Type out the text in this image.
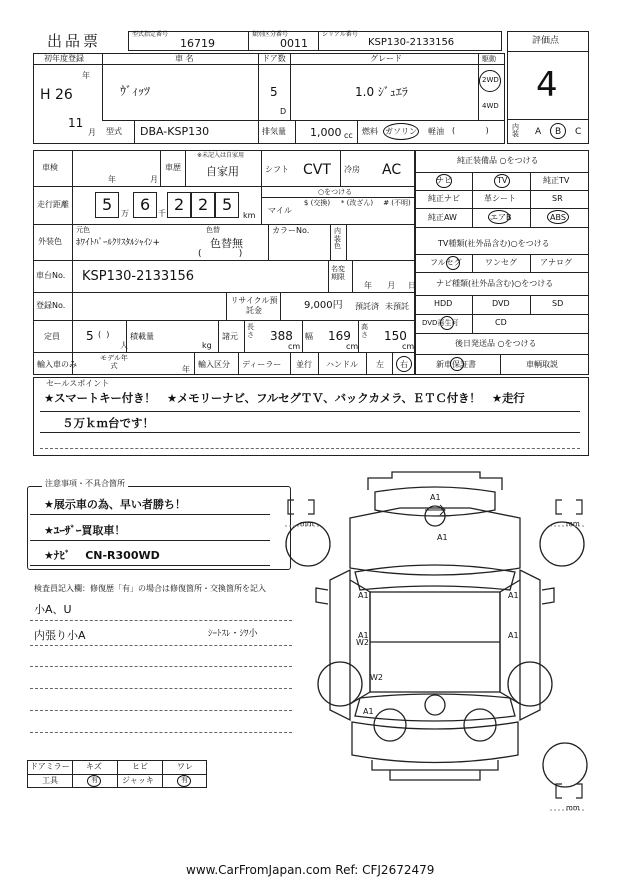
出品票	型式指定番号
16719
類別区分番号
0011
シリアル番号
KSP130-2133156	評価点
4
内装	A B C
初年度登録
年
H 26
11
月
車 名
ｳﾞｨｯﾂ
ドア数
5
D
グレード
1.0 ｼﾞｭｴﾗ
駆動
2WD
4WD
型式 DBA-KSP130	排気量 1,000 cc 燃料 ガソリン 軽油 (            )
車検
年	月
車歴
※未記入は自家用
自家用	シフト CVT 冷房 AC
走行距離 5 万 6 千 2 2 5
km
○をつける
マイル
$ (交換) * (改ざん) # (不明)
外装色
元色
ﾎﾜｲﾄﾊﾟｰﾙｸﾘｽﾀﾙｼｬｲﾝ+
色替
色替無
(             )
カラーNo.	内装色
車台No. KSP130-2133156	名変期限
年      月     日
登録No.
リサイクル預託金	9,000円 預託済 未預託
定員 5 (  )
人
積載量
kg
諸元
長さ 388
cm
幅 169
cm
高さ 150
cm
輸入車のみ
モデル年式	年
輸入区分 ディーラー 並行 ハンドル 左 右
純正装備品 ○をつける
ナビ	TV	純正TV
純正ナビ	革シート	SR
純正AW	エアB	ABS
TV種類(社外品含む)○をつける
フルセグ	ワンセグ	アナログ
ナビ種類(社外品含む)○をつける
HDD	DVD	SD
DVD再生可	CD
後日発送品 ○をつける
新車保証書	車輌取説
セールスポイント
★スマートキー付き！　★メモリーナビ、フルセグＴＶ、バックカメラ、ＥＴＣ付き！　★走行
５万ｋｍ台です！
注意事項・不具合箇所
★展示車の為、早い者勝ち！
★ﾕｰｻﾞｰ買取車！
★ﾅﾋﾞ　 CN-R300WD
検査員記入欄：修復歴「有」の場合は修復箇所・交換箇所を記入
小A、U
内張り小A	ｼｰﾄｽﾚ・ｼﾜ小
ドアミラー キズ	ヒビ	ワレ
工具	有	ジャッキ	有
A1
A1
A1	A1
A1	A1
W2
W2
A1
mm	mm
mm
www.CarFromJapan.com Ref: CFJ2672479
